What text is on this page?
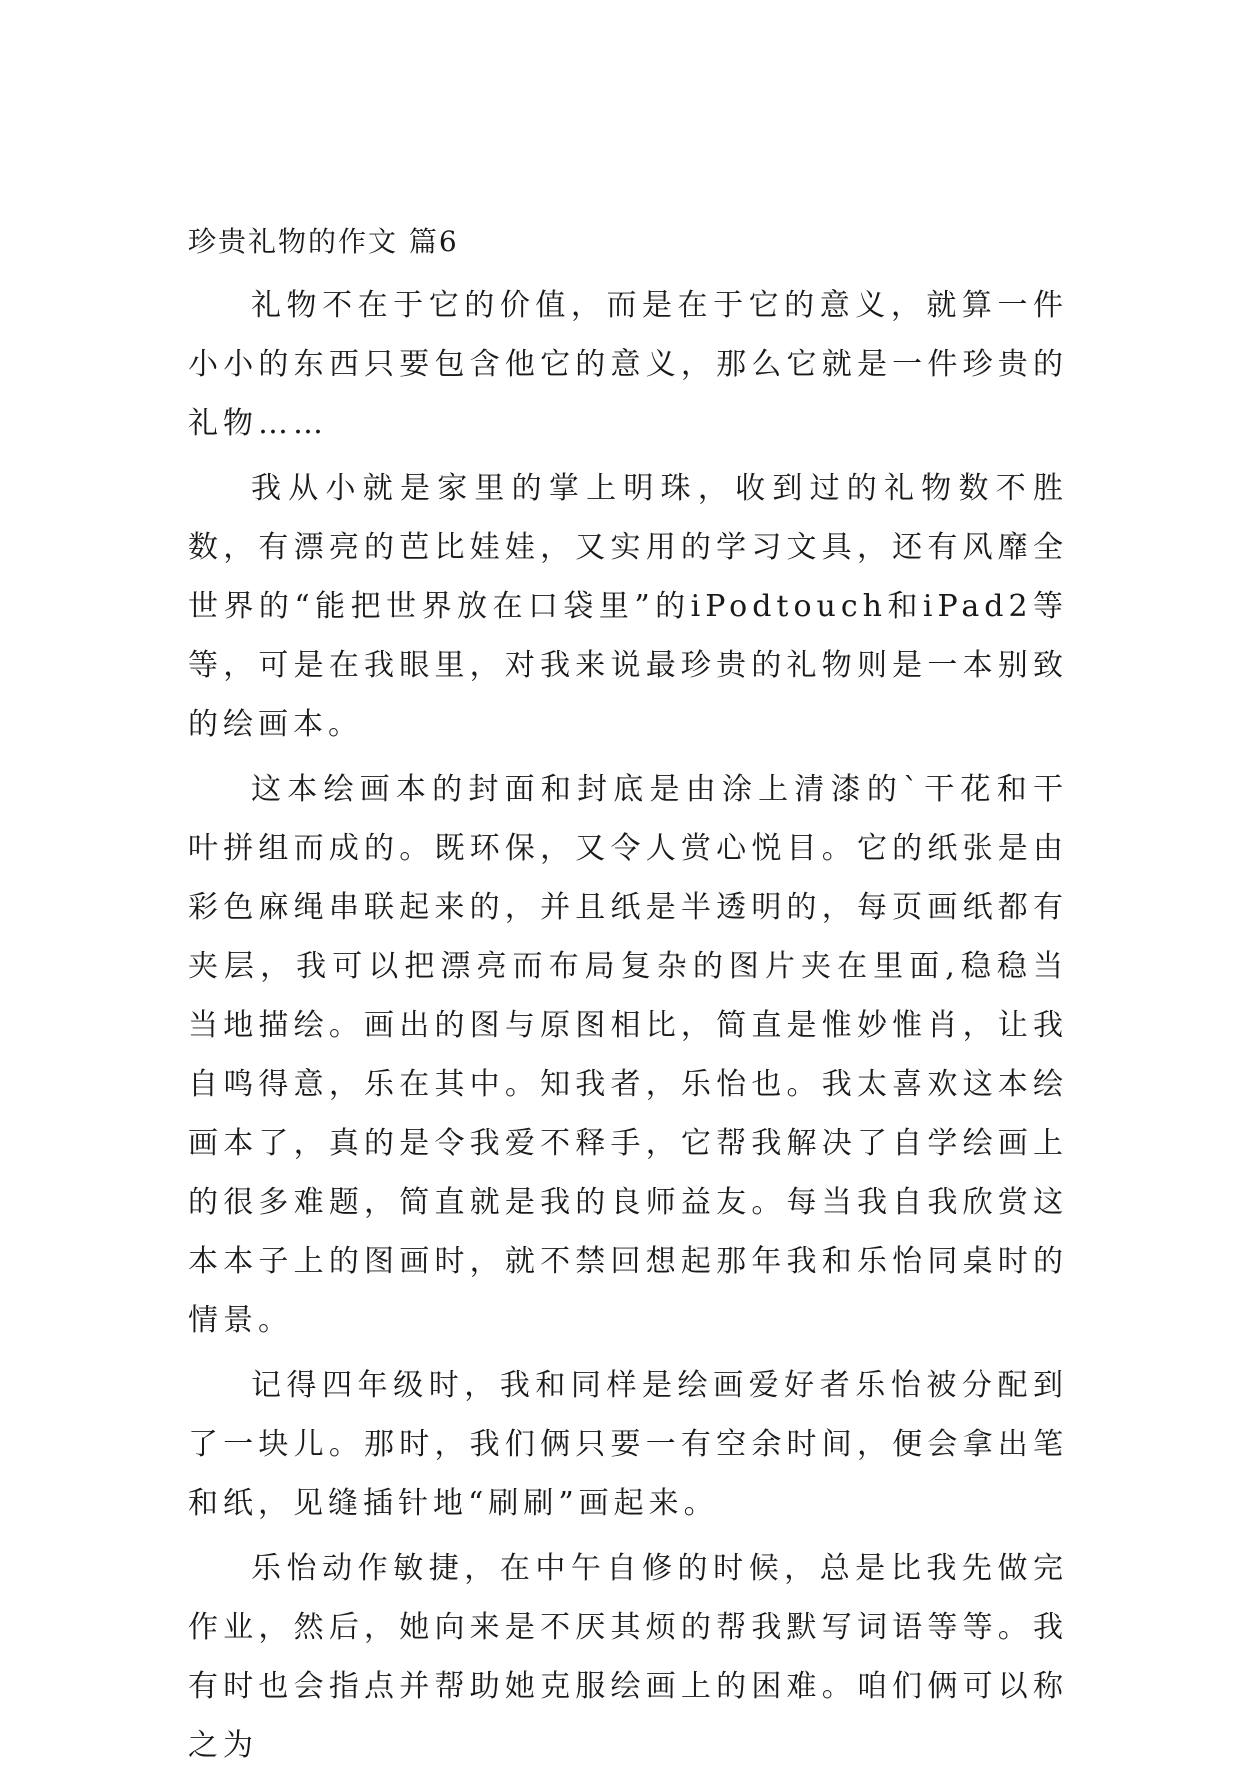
珍贵礼物的作文 篇6

礼物不在于它的价值，而是在于它的意义，就算一件小小的东西只要包含他它的意义，那么它就是一件珍贵的礼物……

我从小就是家里的掌上明珠，收到过的礼物数不胜数，有漂亮的芭比娃娃，又实用的学习文具，还有风靡全世界的“能把世界放在口袋里”的iPodtouch和iPad2等等，可是在我眼里，对我来说最珍贵的礼物则是一本别致的绘画本。

这本绘画本的封面和封底是由涂上清漆的`干花和干叶拼组而成的。既环保，又令人赏心悦目。它的纸张是由彩色麻绳串联起来的，并且纸是半透明的，每页画纸都有夹层，我可以把漂亮而布局复杂的图片夹在里面,稳稳当当地描绘。画出的图与原图相比，简直是惟妙惟肖，让我自鸣得意，乐在其中。知我者，乐怡也。我太喜欢这本绘画本了，真的是令我爱不释手，它帮我解决了自学绘画上的很多难题，简直就是我的良师益友。每当我自我欣赏这本本子上的图画时，就不禁回想起那年我和乐怡同桌时的情景。

记得四年级时，我和同样是绘画爱好者乐怡被分配到了一块儿。那时，我们俩只要一有空余时间，便会拿出笔和纸，见缝插针地“刷刷”画起来。

乐怡动作敏捷，在中午自修的时候，总是比我先做完作业，然后，她向来是不厌其烦的帮我默写词语等等。我有时也会指点并帮助她克服绘画上的困难。咱们俩可以称之为
